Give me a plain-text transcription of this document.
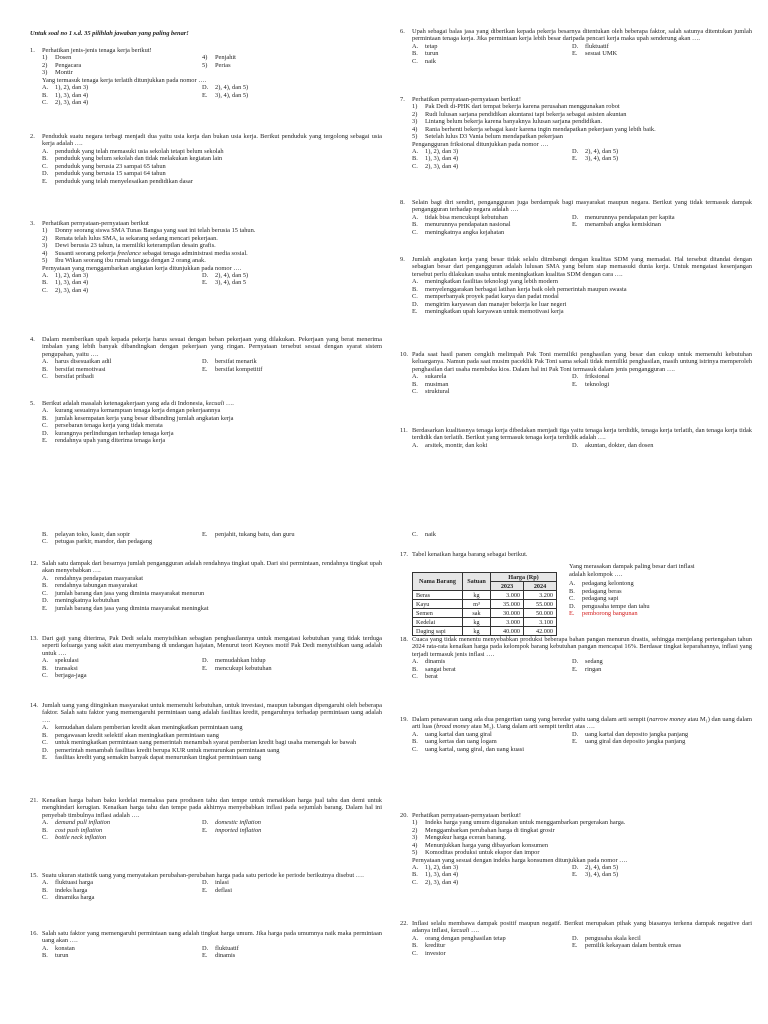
Untuk soal no 1 s.d. 35 pilihlah jawaban yang paling benar!
1. Perhatikan jenis-jenis tenaga kerja berikut!
1)	Dosen	4)	Penjahit
2)	Pengacara	5)	Perias
3)	Montir
Yang termasuk tenaga kerja terlatih ditunjukkan pada nomor ….
A.	1), 2), dan 3)	D.	2), 4), dan 5)
B.	1), 3), dan 4)	E.	3), 4), dan 5)
C.	2), 3), dan 4)
2. Penduduk suatu negara terbagi menjadi dua yaitu usia kerja dan bukan usia kerja. Berikut penduduk yang tergolong sebagai usia kerja adalah ….
A.	penduduk yang telah memasuki usia sekolah tetapi belum sekolah
B.	penduduk yang belum sekolah dan tidak melakukan kegiatan lain
C.	penduduk yang berusia 23 sampai 65 tahun
D.	penduduk yang berusia 15 sampai 64 tahun
E.	penduduk yang telah menyelesaikan pendidikan dasar
3. Perhatikan pernyataan-pernyataan berikut
1)	Donny seorang siswa SMA Tunas Bangsa yang saat ini telah berusia 15 tahun.
2)	Renata telah lulus SMA, ia sekarang sedang mencari pekerjaan.
3)	Dewi berusia 23 tahun, ia memiliki keterampilan desain grafis.
4)	Susanti seorang pekerja freelance sebagai tenaga administrasi media sosial.
5)	Ibu Wikan seorang ibu rumah tangga dengan 2 orang anak.
Pernyataan yang menggambarkan angkatan kerja ditunjukkan pada nomor ….
A.	1), 2), dan 3)	D.	2), 4), dan 5)
B.	1), 3), dan 4)	E.	3), 4), dan 5
C.	2), 3), dan 4)
4. Dalam memberikan upah kepada pekerja harus sesuai dengan beban pekerjaan yang dilakukan. Pekerjaan yang berat menerima imbalan yang lebih banyak dibandingkan dengan pekerjaan yang ringan. Pernyataan tersebut sesuai dengan syarat sistem pengupahan, yaitu ….
A.	harus disesuaikan adil	D.	bersifat menarik
B.	bersifat memotivasi	E.	bersifat kompetitif
C.	bersifat pribadi
5. Berikut adalah masalah ketenagakerjaan yang ada di Indonesia, kecuali ….
A.	kurang sesuainya kemampuan tenaga kerja dengan pekerjaannya
B.	jumlah kesempatan kerja yang besar dibanding jumlah angkatan kerja
C.	persebaran tenaga kerja yang tidak merata
D.	kurangnya perlindungan terhadap tenaga kerja
E.	rendahnya upah yang diterima tenaga kerja
6. Upah sebagai balas jasa yang diberikan kepada pekerja besarnya ditentukan oleh beberapa faktor, salah satunya ditentukan jumlah permintaan tenaga kerja. Jika permintaan kerja lebih besar daripada pencari kerja maka upah senderung akan ….
A.	tetap	D.	fluktuatif
B.	turun	E.	sesuai UMK
C.	naik
7. Perhatikan pernyataan-pernyataan berikut!
1)	Pak Dedi di-PHK dari tempat bekerja karena perusahan menggunakan robot
2)	Rudi lulusan sarjana pendidikan akuntansi tapi bekerja sebagai asisten akuntan
3)	Lintang belum bekerja karena banyaknya lulusan sarjana pendidikan.
4)	Rania berhenti bekerja sebagai kasir karena ingin mendapatkan pekerjaan yang lebih baik.
5)	Setelah lulus D3 Vania belum mendapatkan pekerjaan
Pengangguran friksional ditunjukkan pada nomor ….
A.	1), 2), dan 3)	D.	2), 4), dan 5)
B.	1), 3), dan 4)	E.	3), 4), dan 5)
C.	2), 3), dan 4)
8. Selain bagi diri sendiri, pengangguran juga berdampak bagi masyarakat maupun negara. Berikut yang tidak termasuk dampak pengangguran terhadap negara adalah ….
A.	tidak bisa mencukupi kebutuhan	D.	menurunnya pendapatan per kapita
B.	menurunnya pendapatan nasional	E.	menambah angka kemiskinan
C.	meningkatnya angka kejahatan
9. Jumlah angkatan kerja yang besar tidak selalu diimbangi dengan kualitas SDM yang memadai. Hal tersebut ditandai dengan sebagian besar dari pengangguran adalah lulusan SMA yang belum siap memasuki dunia kerja. Untuk mengatasi kesenjangan tersebut perlu dilakukan usaha untuk meningkatkan kualitas SDM dengan cara ….
A.	meningkatkan fasilitas teknologi yang lebih modern
B.	menyelenggarakan berbagai latihan kerja baik oleh pemerintah maupun swasta
C.	memperbanyak proyek padat karya dan padat modal
D.	mengirim karyawan dan manajer bekerja ke luar negeri
E.	meningkatkan upah karyawan untuk memotivasi kerja
10. Pada saat hasil panen cengkih melimpah Pak Toni memiliki penghasilan yang besar dan cukup untuk memenuhi kebutuhan keluarganya. Namun pada saat musim paceklik Pak Toni sama sekali tidak memiliki penghasilan, masih untung istrinya memperoleh penghasilan dari usaha membuka kios. Dalam hal ini Pak Toni termasuk dalam jenis pengangguran ….
A.	sukarela	D.	friksional
B.	musiman	E.	teknologi
C.	struktural
11. Berdasarkan kualitasnya tenaga kerja dibedakan menjadi tiga yaitu tenaga kerja terdidik, tenaga kerja terlatih, dan tenaga kerja tidak terdidik dan terlatih. Berikut yang termasuk tenaga kerja terdidik adalah ….
A.	arsitek, montir, dan koki	D.	akuntan, dokter, dan dosen
B.	pelayan toko, kasir, dan sopir	E.	penjahit, tukang batu, dan guru
C.	petugas parkir, mandor, dan pedagang
12. Salah satu dampak dari besarnya jumlah pengangguran adalah rendahnya tingkat upah. Dari sisi permintaan, rendahnya tingkat upah akan menyebabkan ….
A.	rendahnya pendapatan masyarakat
B.	rendahnya tabungan masyarakat
C.	jumlah barang dan jasa yang diminta masyarakat menurun
D.	meningkatnya kebutuhan
E.	jumlah barang dan jasa yang diminta masyarakat meningkat
13. Dari gaji yang diterima, Pak Dedi selalu menyisihkan sebagian penghasilannya untuk mengatasi kebutuhan yang tidak terduga seperti keluarga yang sakit atau menyumbang di undangan hajatan, Menurut teori Keynes motif Pak Dedi menyisihkan uang adalah untuk ….
A.	spekulasi	D.	memudahkan hidup
B.	transaksi	E.	mencukupi kebutuhan
C.	berjaga-jaga
14. Jumlah uang yang diinginkan masyarakat untuk memenuhi kebutuhan, untuk investasi, maupun tabungan dipengaruhi oleh beberapa faktor. Salah satu faktor yang memengaruhi permintaan uang adalah fasilitas kredit, pengaruhnya terhadap permintaan uang adalah ….
A.	kemudahan dalam pemberian kredit akan meningkatkan permintaan uang
B.	pengawasan kredit selektif akan meningkatkan permintaan uang
C.	untuk meningkatkan permintaan uang pemerintah menambah syarat pemberian kredit bagi usaha menengah ke bawah
D.	pemerintah menambah fasilitas kredit berupa KUR untuk menurunkan permintaan uang
E.	fasilitas kredit yang semakin banyak dapat menurunkan tingkat permintaan uang
21. Kenaikan harga bahan baku kedelai memaksa para produsen tahu dan tempe untuk menaikkan harga jual tahu dan demi untuk menghindari kerugian. Kenaikan harga tahu dan tempe pada akhirnya menyebabkan inflasi pada sejumlah barang. Dalam hal ini penyebab timbulnya inflasi adalah ….
A.	demand pull inflation	D.	domestic inflation
B.	cost push inflation	E.	imported inflation
C.	bottle neck inflation
15. Suatu ukuran statistik uang yang menyatakan perubahan-perubahan harga pada satu periode ke periode berikutnya disebut ….
A.	fluktuasi harga	D.	inlasi
B.	indeks harga	E.	deflasi
C.	dinamika harga
16. Salah satu faktor yang memengaruhi permintaan uang adalah tingkat harga umum. Jika harga pada umumnya naik maka permintaan uang akan ….
A.	konstan	D.	fluktuatif
B.	turun	E.	dinamis
C.	naik
17. Tabel kenaikan harga barang sebagai berikut.
Nama Barang	Satuan	Harga (Rp)	
		2023	2024
Beras	kg	3.000	3.200
Kayu	m³	35.000	55.000
Semen	sak	30.000	50.000
Kedelai	kg	3.000	3.100
Daging sapi	kg	40.000	42.000
Yang merasakan dampak paling besar dari inflasi adalah kelompok ….
A.	pedagang kelontong
B.	pedagang beras
C.	pedagang sapi
D.	pengusaha tempe dan tahu
E.	pemborong bangunan
18. Cuaca yang tidak menentu menyebabkan produksi beberapa bahan pangan menurun drastis, sehingga menjelang pertengahan tahun 2024 rata-rata kenaikan harga pada kelompok barang kebutuhan pangan mencapai 16%. Berdasar tingkat keparahannya, inflasi yang terjadi termasuk jenis inflasi ….
A.	dinamis	D.	sedang
B.	sangat berat	E.	ringan
C.	berat
19. Dalam penawaran uang ada dua pengertian uang yang beredar yaitu uang dalam arti sempit (narrow money atau M₁) dan uang dalam arti luas (broad money atau M₂). Uang dalam arti sempit terdiri atas ….
A.	uang kartal dan uang giral	D.	uang kartal dan deposito jangka panjang
B.	uang kertas dan uang logam	E.	uang giral dan deposito jangka panjang
C.	uang kartal, uang giral, dan uang kuasi
20. Perhatikan pernyataan-pernyataan berikut!
1)	Indeks harga yang umum digunakan untuk menggambarkan pergerakan harga.
2)	Menggambarkan perubahan harga di tingkat grosir
3)	Mengukur harga eceran barang.
4)	Menunjukkan harga yang dibayarkan konsumen
5)	Komoditas produksi untuk ekspor dan impor
Pernyataan yang sesuai dengan indeks harga konsumen ditunjukkan pada nomor ….
A.	1), 2), dan 3)	D.	2), 4), dan 5)
B.	1), 3), dan 4)	E.	3), 4), dan 5)
C.	2), 3), dan 4)
22. Inflasi selalu membawa dampak positif maupun negatif. Berikut merupakan pihak yang biasanya terkena dampak negative dari adanya inflasi, kecuali ….
A.	orang dengan penghasilan tetap	D.	pengusaha skala kecil
B.	kreditur	E.	pemilik kekayaan dalam bentuk emas
C.	investor
